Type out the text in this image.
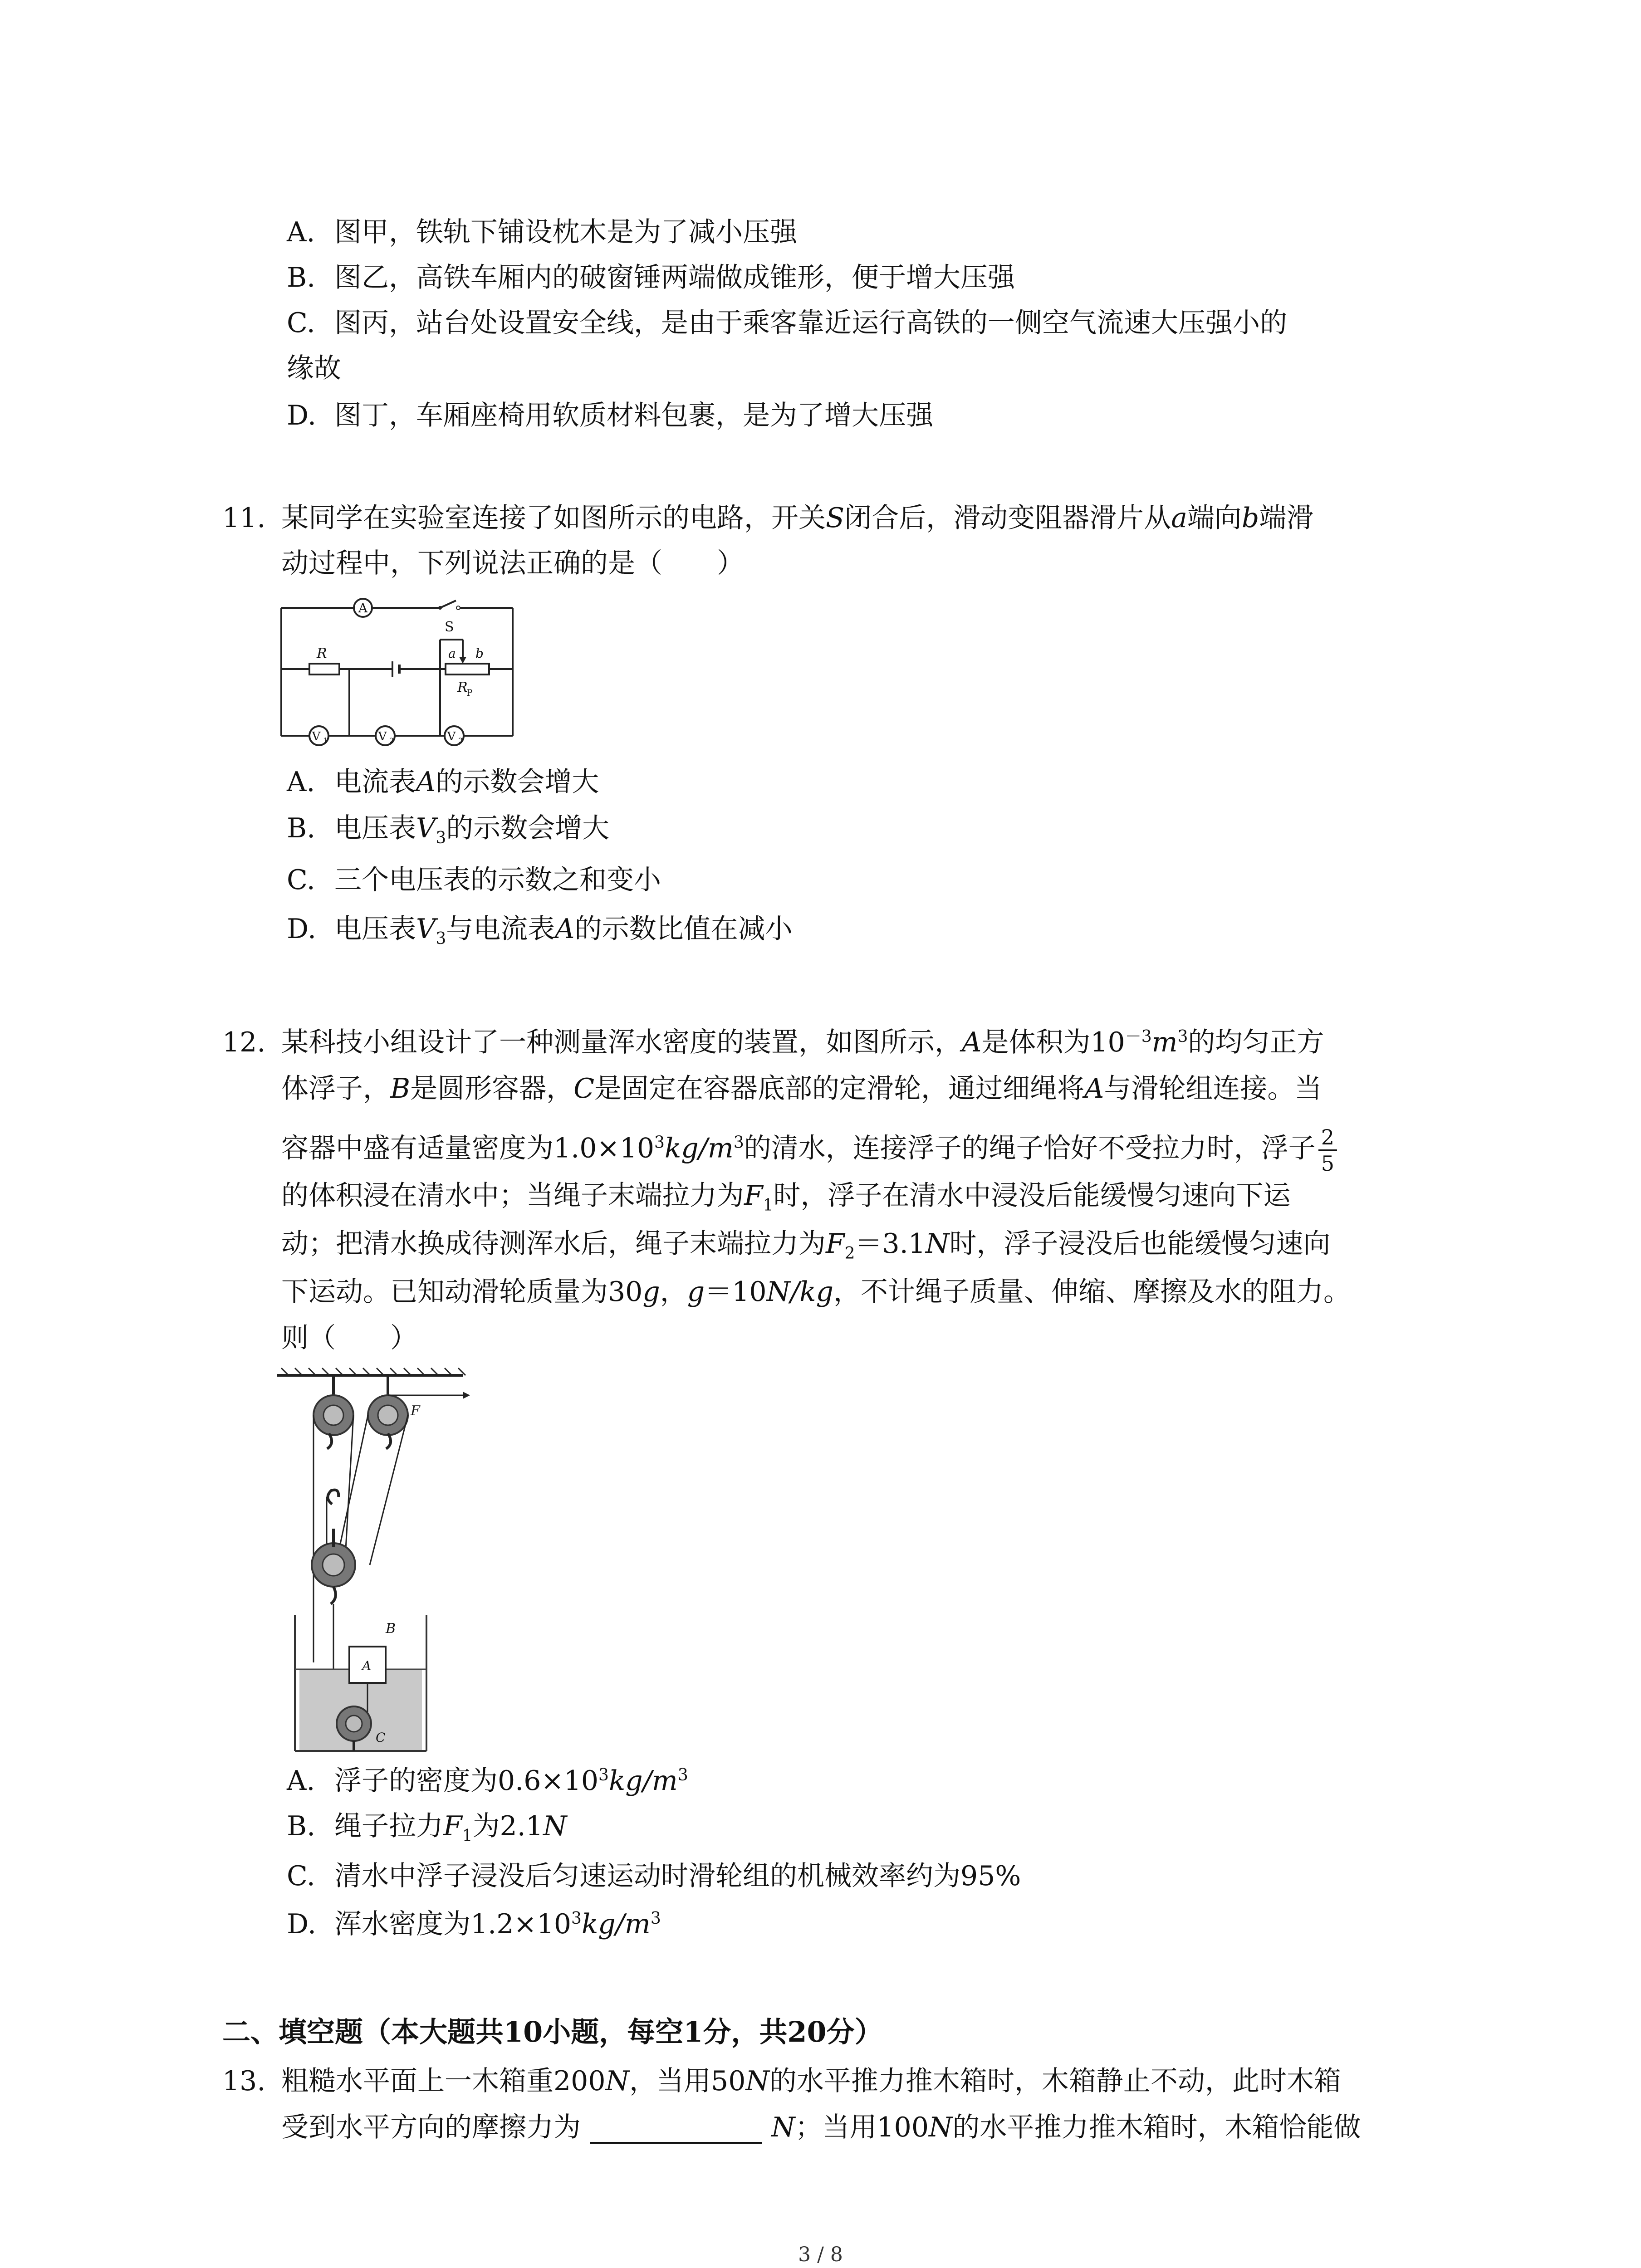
A. 图甲，铁轨下铺设枕木是为了减小压强
B. 图乙，高铁车厢内的破窗锤两端做成锥形，便于增大压强
C. 图丙，站台处设置安全线，是由于乘客靠近运行高铁的一侧空气流速大压强小的
缘故
D. 图丁，车厢座椅用软质材料包裹，是为了增大压强
11. 某同学在实验室连接了如图所示的电路，开关S闭合后，滑动变阻器滑片从a端向b端滑
动过程中，下列说法正确的是（　　）
A
S
R	a b
R
P
V 1	V 2	V 3
A. 电流表A的示数会增大
B. 电压表$V_3$的示数会增大
C. 三个电压表的示数之和变小
D. 电压表$V_3$与电流表A的示数比值在减小
12. 某科技小组设计了一种测量浑水密度的装置，如图所示，A是体积为$10^{-3}m^3$的均匀正方
体浮子，B是圆形容器，C是固定在容器底部的定滑轮，通过细绳将A与滑轮组连接。当
容器中盛有适量密度为$1.0\times 10^3kg/m^3$的清水，连接浮子的绳子恰好不受拉力时，浮子 $\frac{2}{5}$
的体积浸在清水中；当绳子末端拉力为$F_1$时，浮子在清水中浸没后能缓慢匀速向下运
动；把清水换成待测浑水后，绳子末端拉力为$F_2=3.1N$时，浮子浸没后也能缓慢匀速向
下运动。已知动滑轮质量为30g，g＝10N/kg，不计绳子质量、伸缩、摩擦及水的阻力。
则（　　）
F
B
A
C
A. 浮子的密度为$0.6\times 10^3kg/m^3$
B. 绳子拉力$F_1$为2.1N
C. 清水中浮子浸没后匀速运动时滑轮组的机械效率约为95%
D. 浑水密度为$1.2\times 10^3kg/m^3$
二、填空题（本大题共10小题，每空1分，共20分）
13. 粗糙水平面上一木箱重200N，当用50N的水平推力推木箱时，木箱静止不动，此时木箱
受到水平方向的摩擦力为	N；当用100N的水平推力推木箱时，木箱恰能做
3 / 8
